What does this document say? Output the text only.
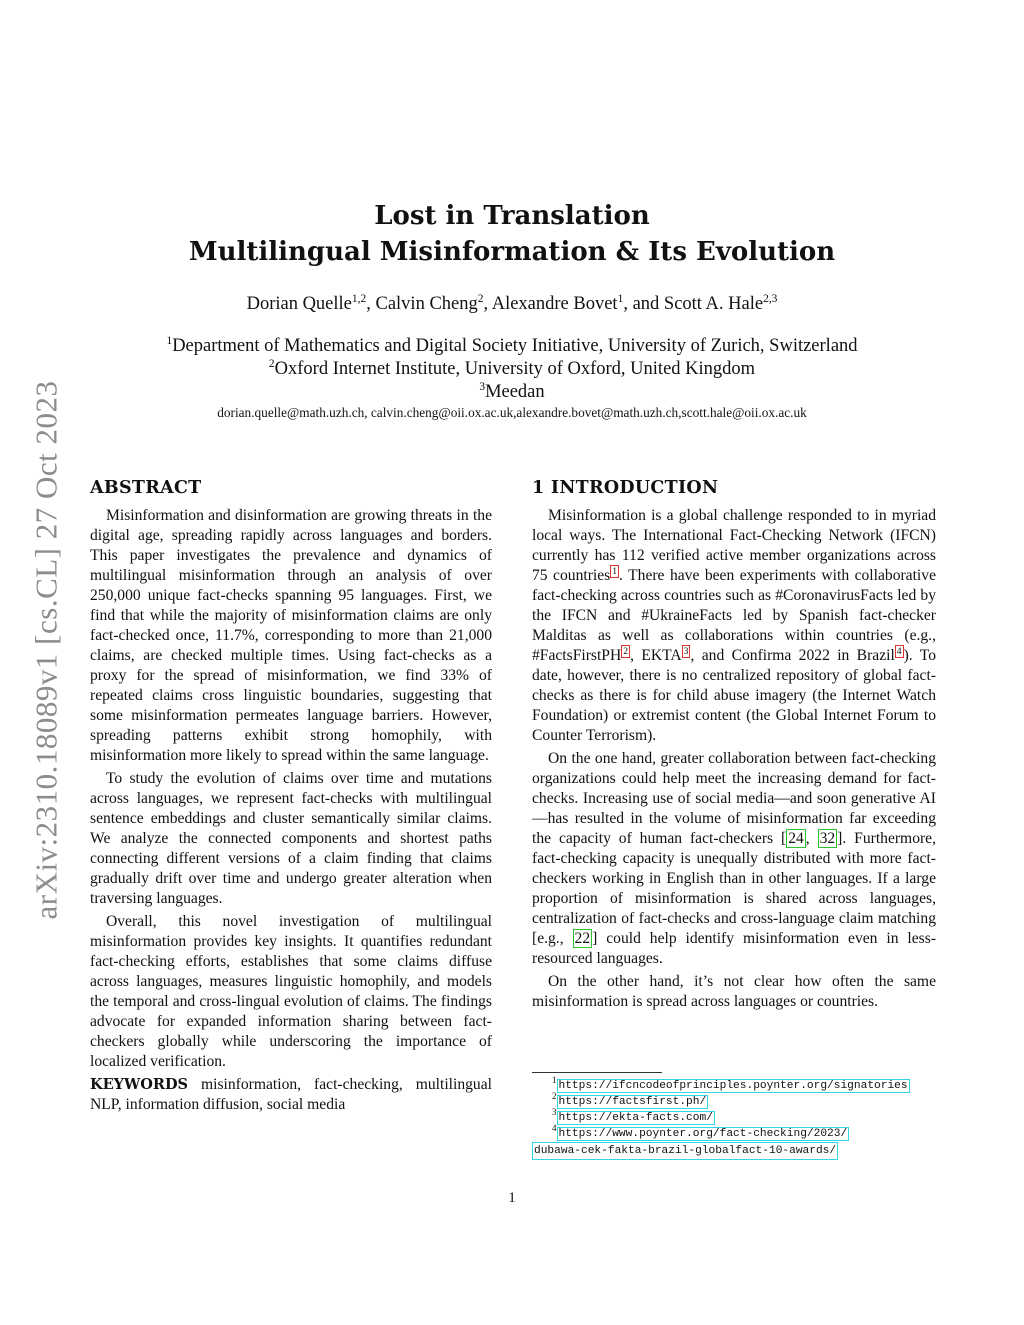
arXiv:2310.18089v1 [cs.CL] 27 Oct 2023
Lost in Translation
Multilingual Misinformation & Its Evolution
Dorian Quelle$^{1,2}$, Calvin Cheng$^2$, Alexandre Bovet$^1$, and Scott A. Hale$^{2,3}$
$^1$Department of Mathematics and Digital Society Initiative, University of Zurich, Switzerland
$^2$Oxford Internet Institute, University of Oxford, United Kingdom
$^3$Meedan
dorian.quelle@math.uzh.ch, calvin.cheng@oii.ox.ac.uk,alexandre.bovet@math.uzh.ch,scott.hale@oii.ox.ac.uk
ABSTRACT

Misinformation and disinformation are growing threats in the digital age, spreading rapidly across languages and borders. This paper investigates the prevalence and dynamics of multilingual misinformation through an analysis of over 250,000 unique fact-checks spanning 95 languages. First, we find that while the majority of misinformation claims are only fact-checked once, 11.7%, corresponding to more than 21,000 claims, are checked multiple times. Using fact-checks as a proxy for the spread of misinformation, we find 33% of repeated claims cross linguistic boundaries, suggesting that some misinformation permeates language barriers. However, spreading patterns exhibit strong homophily, with misinformation more likely to spread within the same language.

To study the evolution of claims over time and mutations across languages, we represent fact-checks with multilingual sentence embeddings and cluster semantically similar claims. We analyze the connected components and shortest paths connecting different versions of a claim finding that claims gradually drift over time and undergo greater alteration when traversing languages.

Overall, this novel investigation of multilingual misinformation provides key insights. It quantifies redundant fact-checking efforts, establishes that some claims diffuse across languages, measures linguistic homophily, and models the temporal and cross-lingual evolution of claims. The findings advocate for expanded information sharing between fact-checkers globally while underscoring the importance of localized verification.

KEYWORDS misinformation, fact-checking, multilingual NLP, information diffusion, social media

1 INTRODUCTION

Misinformation is a global challenge responded to in myriad local ways. The International Fact-Checking Network (IFCN) currently has 112 verified active member organizations across 75 countries $^1$ . There have been experiments with collaborative fact-checking across countries such as #CoronavirusFacts led by the IFCN and #UkraineFacts led by Spanish fact-checker Malditas as well as collaborations within countries (e.g., #FactsFirstPH $^2$ , EKTA $^3$ , and Confirma 2022 in Brazil $^4$ ). To date, however, there is no centralized repository of global fact-checks as there is for child abuse imagery (the Internet Watch Foundation) or extremist content (the Global Internet Forum to Counter Terrorism).

On the one hand, greater collaboration between fact-checking organizations could help meet the increasing demand for fact-checks. Increasing use of social media—and soon generative AI—has resulted in the volume of misinformation far exceeding the capacity of human fact-checkers [ 24 , 32 ]. Furthermore, fact-checking capacity is unequally distributed with more fact-checkers working in English than in other languages. If a large proportion of misinformation is shared across languages, centralization of fact-checks and cross-language claim matching [e.g., 22 ] could help identify misinformation even in less-resourced languages.

On the other hand, it’s not clear how often the same misinformation is spread across languages or countries.

$^1$ https://ifcncodeofprinciples.poynter.org/signatories
$^2$ https://factsfirst.ph/
$^3$ https://ekta-facts.com/
$^4$ https://www.poynter.org/fact-checking/2023/
dubawa-cek-fakta-brazil-globalfact-10-awards/
1
